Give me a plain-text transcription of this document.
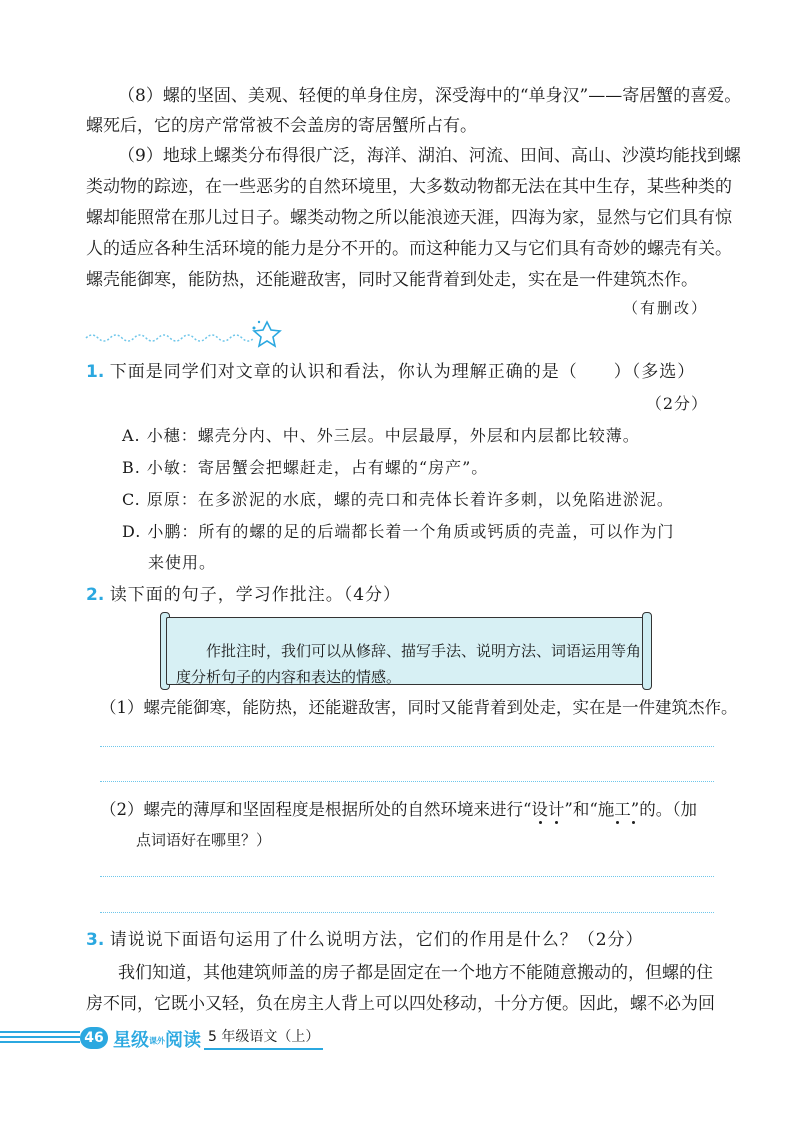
（8）螺的坚固、美观、轻便的单身住房，深受海中的“单身汉”——寄居蟹的喜爱。

螺死后，它的房产常常被不会盖房的寄居蟹所占有。

（9）地球上螺类分布得很广泛，海洋、湖泊、河流、田间、高山、沙漠均能找到螺

类动物的踪迹，在一些恶劣的自然环境里，大多数动物都无法在其中生存，某些种类的

螺却能照常在那儿过日子。螺类动物之所以能浪迹天涯，四海为家，显然与它们具有惊

人的适应各种生活环境的能力是分不开的。而这种能力又与它们具有奇妙的螺壳有关。

螺壳能御寒，能防热，还能避敌害，同时又能背着到处走，实在是一件建筑杰作。

（有删改）

1. 下面是同学们对文章的认识和看法，你认为理解正确的是（　　）（多选）

（2分）

A. 小穗：螺壳分内、中、外三层。中层最厚，外层和内层都比较薄。

B. 小敏：寄居蟹会把螺赶走，占有螺的“房产”。

C. 原原：在多淤泥的水底，螺的壳口和壳体长着许多刺，以免陷进淤泥。

D. 小鹏：所有的螺的足的后端都长着一个角质或钙质的壳盖，可以作为门

来使用。

2. 读下面的句子，学习作批注。（4分）

作批注时，我们可以从修辞、描写手法、说明方法、词语运用等角

度分析句子的内容和表达的情感。

（1）螺壳能御寒，能防热，还能避敌害，同时又能背着到处走，实在是一件建筑杰作。

（2）螺壳的薄厚和坚固程度是根据所处的自然环境来进行“设计”和“施工”的。（加

点词语好在哪里？）

3. 请说说下面语句运用了什么说明方法，它们的作用是什么？（2分）

我们知道，其他建筑师盖的房子都是固定在一个地方不能随意搬动的，但螺的住

房不同，它既小又轻，负在房主人背上可以四处移动，十分方便。因此，螺不必为回

46 星级课外阅读 5 年级语文（上）
